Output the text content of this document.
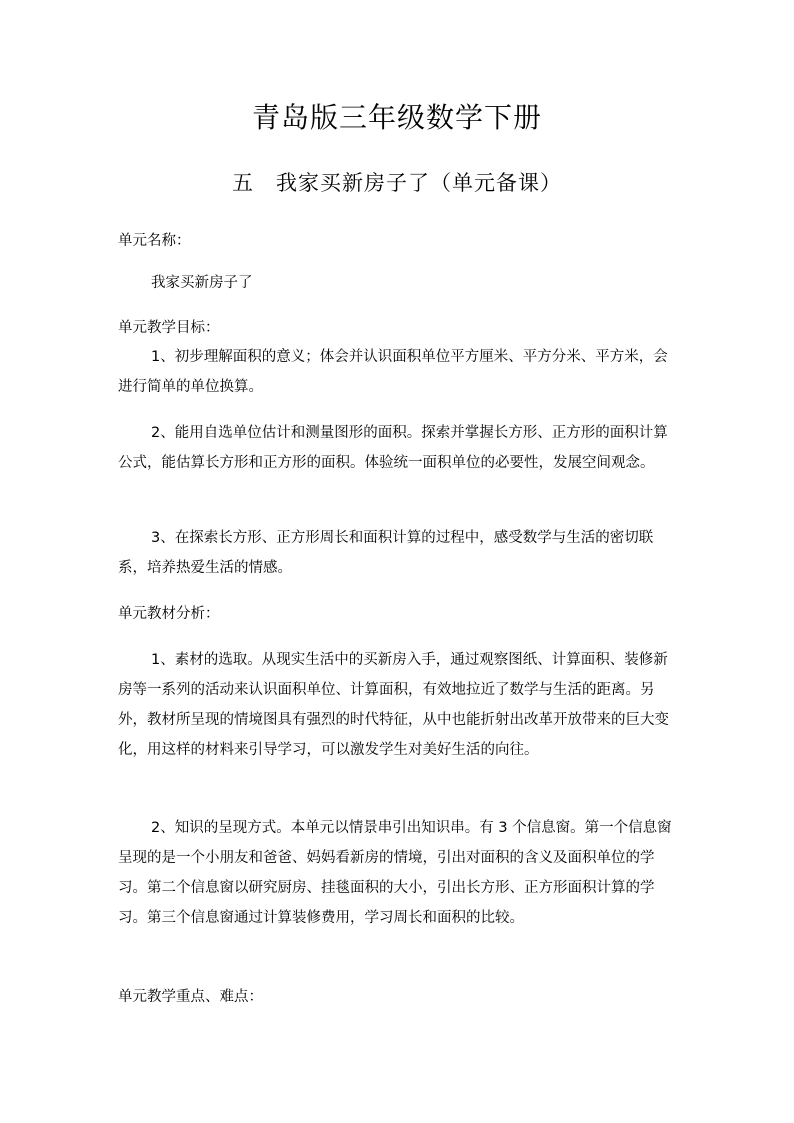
青岛版三年级数学下册
五　我家买新房子了（单元备课）

单元名称：

我家买新房子了

单元教学目标：

1、初步理解面积的意义；体会并认识面积单位平方厘米、平方分米、平方米，会进行简单的单位换算。

2、能用自选单位估计和测量图形的面积。探索并掌握长方形、正方形的面积计算公式，能估算长方形和正方形的面积。体验统一面积单位的必要性，发展空间观念。

3、在探索长方形、正方形周长和面积计算的过程中，感受数学与生活的密切联系，培养热爱生活的情感。

单元教材分析：

1、素材的选取。从现实生活中的买新房入手，通过观察图纸、计算面积、装修新房等一系列的活动来认识面积单位、计算面积，有效地拉近了数学与生活的距离。另外，教材所呈现的情境图具有强烈的时代特征，从中也能折射出改革开放带来的巨大变化，用这样的材料来引导学习，可以激发学生对美好生活的向往。

2、知识的呈现方式。本单元以情景串引出知识串。有 3 个信息窗。第一个信息窗呈现的是一个小朋友和爸爸、妈妈看新房的情境，引出对面积的含义及面积单位的学习。第二个信息窗以研究厨房、挂毯面积的大小，引出长方形、正方形面积计算的学习。第三个信息窗通过计算装修费用，学习周长和面积的比较。

单元教学重点、难点：
